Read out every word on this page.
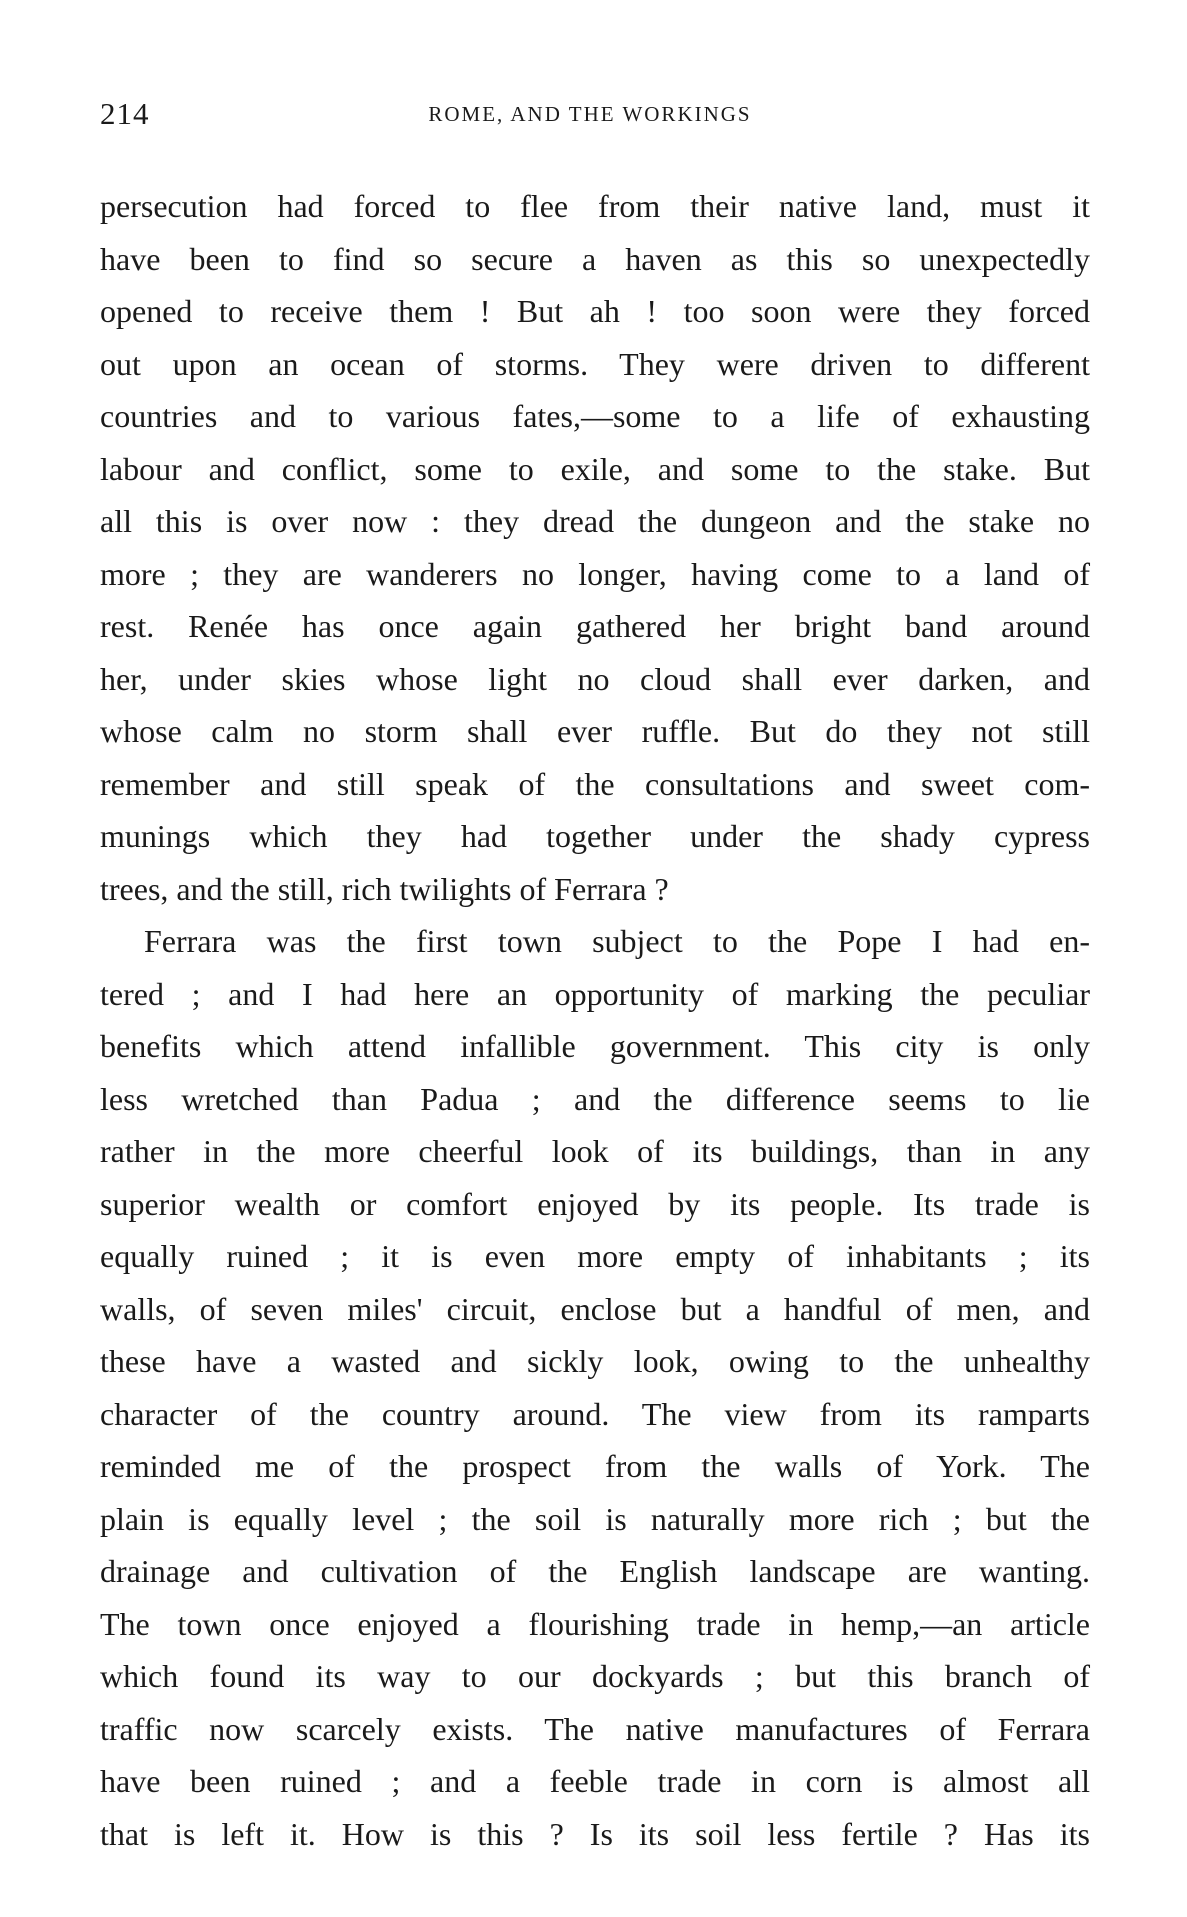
214	ROME, AND THE WORKINGS
persecution had forced to flee from their native land, must it
have been to find so secure a haven as this so unexpectedly
opened to receive them ! But ah ! too soon were they forced
out upon an ocean of storms. They were driven to different
countries and to various fates,—some to a life of exhausting
labour and conflict, some to exile, and some to the stake. But
all this is over now : they dread the dungeon and the stake no
more ; they are wanderers no longer, having come to a land of
rest. Renée has once again gathered her bright band around
her, under skies whose light no cloud shall ever darken, and
whose calm no storm shall ever ruffle. But do they not still
remember and still speak of the consultations and sweet com-
munings which they had together under the shady cypress
trees, and the still, rich twilights of Ferrara ?
Ferrara was the first town subject to the Pope I had en-
tered ; and I had here an opportunity of marking the peculiar
benefits which attend infallible government. This city is only
less wretched than Padua ; and the difference seems to lie
rather in the more cheerful look of its buildings, than in any
superior wealth or comfort enjoyed by its people. Its trade is
equally ruined ; it is even more empty of inhabitants ; its
walls, of seven miles' circuit, enclose but a handful of men, and
these have a wasted and sickly look, owing to the unhealthy
character of the country around. The view from its ramparts
reminded me of the prospect from the walls of York. The
plain is equally level ; the soil is naturally more rich ; but the
drainage and cultivation of the English landscape are wanting.
The town once enjoyed a flourishing trade in hemp,—an article
which found its way to our dockyards ; but this branch of
traffic now scarcely exists. The native manufactures of Ferrara
have been ruined ; and a feeble trade in corn is almost all
that is left it. How is this ? Is its soil less fertile ? Has its
